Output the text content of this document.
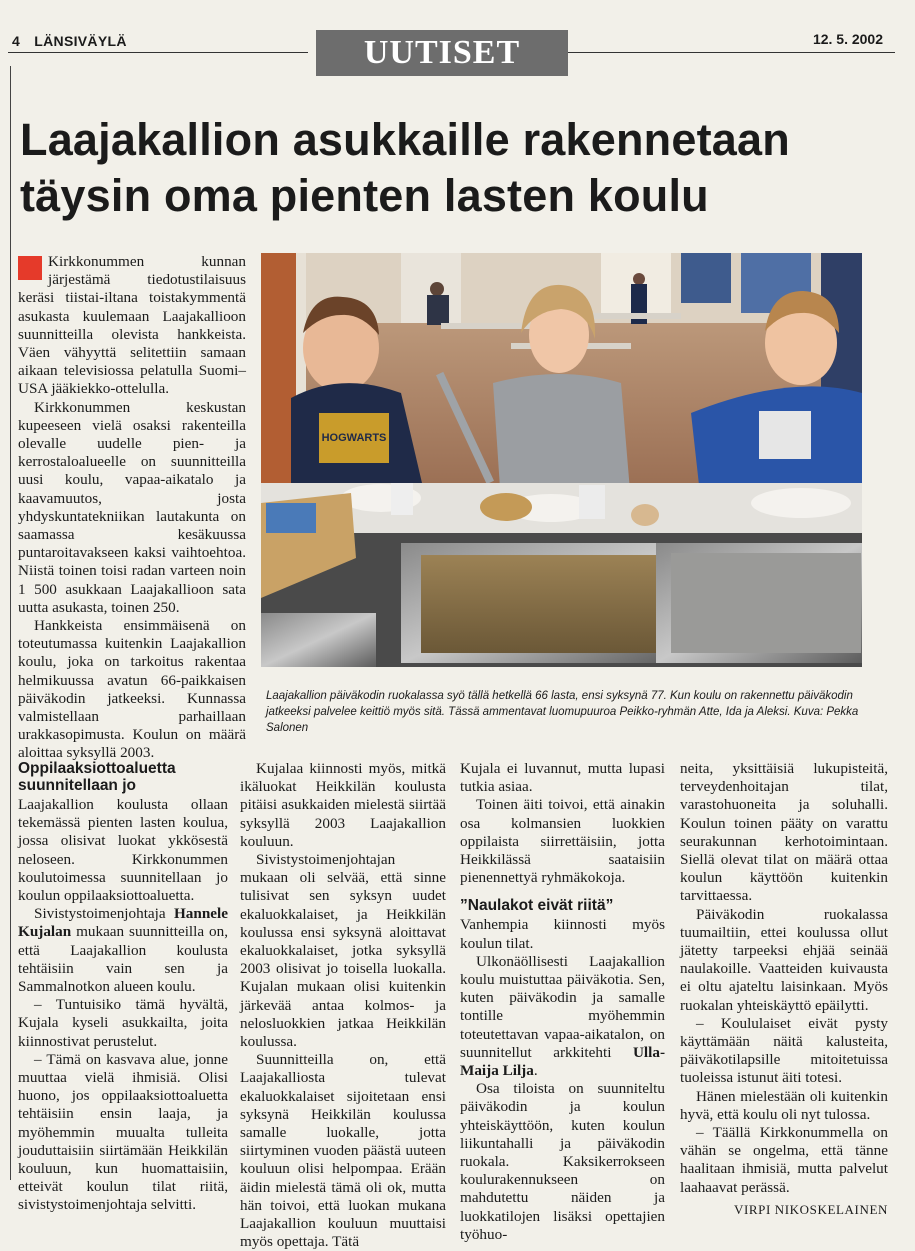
4 LÄNSIVÄYLÄ	UUTISET	12. 5. 2002
Laajakallion asukkaille rakennetaan täysin oma pienten lasten koulu

Kirkkonummen kunnan järjestämä tiedotustilaisuus keräsi tiistai-iltana toistakymmentä asukasta kuulemaan Laajakallioon suunnitteilla olevista hankkeista. Väen vähyyttä selitettiin samaan aikaan televisiossa pelatulla Suomi–USA jääkiekko-ottelulla.

Kirkkonummen keskustan kupeeseen vielä osaksi rakenteilla olevalle uudelle pien- ja kerrostaloalueelle on suunnitteilla uusi koulu, vapaa-aikatalo ja kaavamuutos, josta yhdyskuntatekniikan lautakunta on saamassa kesäkuussa puntaroitavakseen kaksi vaihtoehtoa. Niistä toinen toisi radan varteen noin 1 500 asukkaan Laajakallioon sata uutta asukasta, toinen 250.

Hankkeista ensimmäisenä on toteutumassa kuitenkin Laajakallion koulu, joka on tarkoitus rakentaa helmikuussa avatun 66-paikkaisen päiväkodin jatkeeksi. Kunnassa valmistellaan parhaillaan urakkasopimusta. Koulun on määrä aloittaa syksyllä 2003.

HOGWARTS
Laajakallion päiväkodin ruokalassa syö tällä hetkellä 66 lasta, ensi syksynä 77. Kun koulu on rakennettu päiväkodin jatkeeksi palvelee keittiö myös sitä. Tässä ammentavat luomupuuroa Peikko-ryhmän Atte, Ida ja Aleksi. Kuva: Pekka Salonen
Oppilaaksiottoaluetta suunnitellaan jo

Laajakallion koulusta ollaan tekemässä pienten lasten koulua, jossa olisivat luokat ykkösestä neloseen. Kirkkonummen koulutoimessa suunnitellaan jo koulun oppilaaksiottoaluetta.

Sivistystoimenjohtaja Hannele Kujalan mukaan suunnitteilla on, että Laajakallion koulusta tehtäisiin vain sen ja Sammalnotkon alueen koulu.

– Tuntuisiko tämä hyvältä, Kujala kyseli asukkailta, joita kiinnostivat perustelut.

– Tämä on kasvava alue, jonne muuttaa vielä ihmisiä. Olisi huono, jos oppilaaksiottoaluetta tehtäisiin ensin laaja, ja myöhemmin muualta tulleita jouduttaisiin siirtämään Heikkilän kouluun, kun huomattaisiin, etteivät koulun tilat riitä, sivistystoimenjohtaja selvitti.

Kujalaa kiinnosti myös, mitkä ikäluokat Heikkilän koulusta pitäisi asukkaiden mielestä siirtää syksyllä 2003 Laajakallion kouluun.

Sivistystoimenjohtajan mukaan oli selvää, että sinne tulisivat sen syksyn uudet ekaluokkalaiset, ja Heikkilän koulussa ensi syksynä aloittavat ekaluokkalaiset, jotka syksyllä 2003 olisivat jo toisella luokalla. Kujalan mukaan olisi kuitenkin järkevää antaa kolmos- ja nelosluokkien jatkaa Heikkilän koulussa.

Suunnitteilla on, että Laajakalliosta tulevat ekaluokkalaiset sijoitetaan ensi syksynä Heikkilän koulussa samalle luokalle, jotta siirtyminen vuoden päästä uuteen kouluun olisi helpompaa. Erään äidin mielestä tämä oli ok, mutta hän toivoi, että luokan mukana Laajakallion kouluun muuttaisi myös opettaja. Tätä

Kujala ei luvannut, mutta lupasi tutkia asiaa.

Toinen äiti toivoi, että ainakin osa kolmansien luokkien oppilaista siirrettäisiin, jotta Heikkilässä saataisiin pienennettyä ryhmäkokoja.

”Naulakot eivät riitä”

Vanhempia kiinnosti myös koulun tilat.

Ulkonäöllisesti Laajakallion koulu muistuttaa päiväkotia. Sen, kuten päiväkodin ja samalle tontille myöhemmin toteutettavan vapaa-aikatalon, on suunnitellut arkkitehti Ulla-Maija Lilja.

Osa tiloista on suunniteltu päiväkodin ja koulun yhteiskäyttöön, kuten koulun liikuntahalli ja päiväkodin ruokala. Kaksikerrokseen koulurakennukseen on mahdutettu näiden ja luokkatilojen lisäksi opettajien työhuo-

neita, yksittäisiä lukupisteitä, terveydenhoitajan tilat, varastohuoneita ja soluhalli. Koulun toinen pääty on varattu seurakunnan kerhotoimintaan. Siellä olevat tilat on määrä ottaa koulun käyttöön kuitenkin tarvittaessa.

Päiväkodin ruokalassa tuumailtiin, ettei koulussa ollut jätetty tarpeeksi ehjää seinää naulakoille. Vaatteiden kuivausta ei oltu ajateltu laisinkaan. Myös ruokalan yhteiskäyttö epäilytti.

– Koululaiset eivät pysty käyttämään näitä kalusteita, päiväkotilapsille mitoitetuissa tuoleissa istunut äiti totesi.

Hänen mielestään oli kuitenkin hyvä, että koulu oli nyt tulossa.

– Täällä Kirkkonummella on vähän se ongelma, että tänne haalitaan ihmisiä, mutta palvelut laahaavat perässä.

VIRPI NIKOSKELAINEN
